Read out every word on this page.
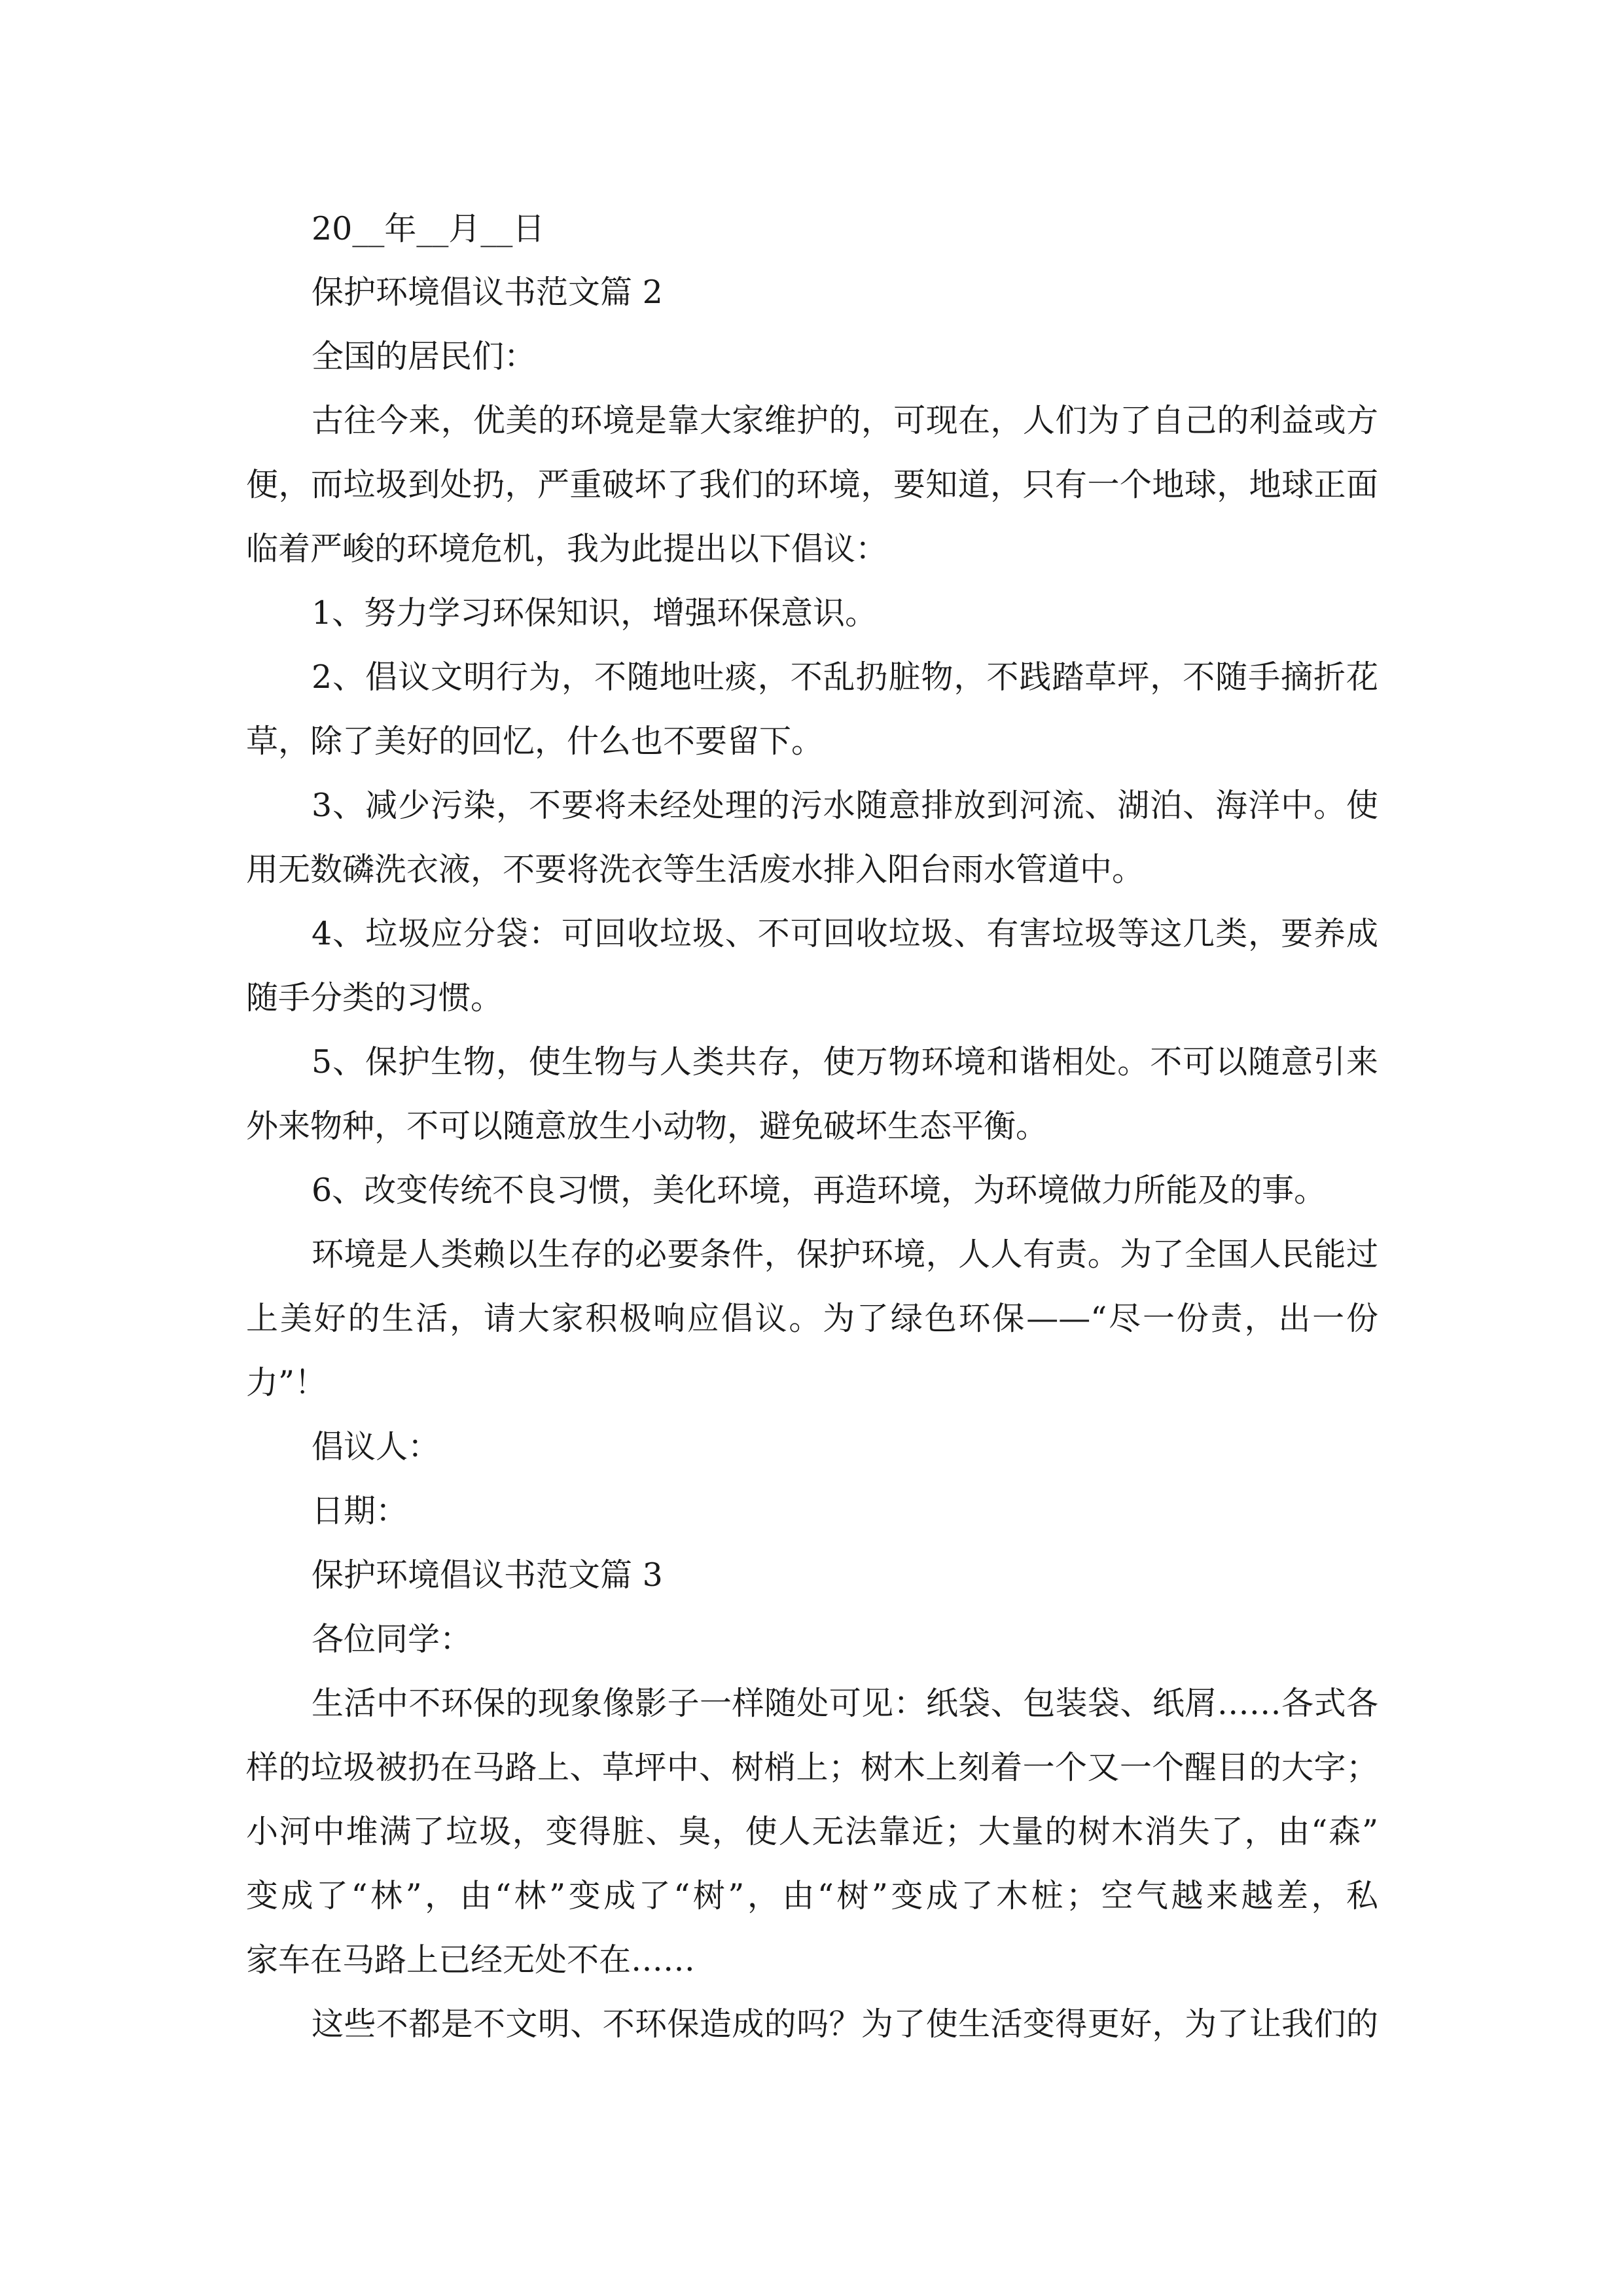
20__年__月__日
保护环境倡议书范文篇 2
全国的居民们：
古往今来，优美的环境是靠大家维护的，可现在，人们为了自己的利益或方
便，而垃圾到处扔，严重破坏了我们的环境，要知道，只有一个地球，地球正面
临着严峻的环境危机，我为此提出以下倡议：
1、努力学习环保知识，增强环保意识。
2、倡议文明行为，不随地吐痰，不乱扔脏物，不践踏草坪，不随手摘折花
草，除了美好的回忆，什么也不要留下。
3、减少污染，不要将未经处理的污水随意排放到河流、湖泊、海洋中。使
用无数磷洗衣液，不要将洗衣等生活废水排入阳台雨水管道中。
4、垃圾应分袋：可回收垃圾、不可回收垃圾、有害垃圾等这几类，要养成
随手分类的习惯。
5、保护生物，使生物与人类共存，使万物环境和谐相处。不可以随意引来
外来物种，不可以随意放生小动物，避免破坏生态平衡。
6、改变传统不良习惯，美化环境，再造环境，为环境做力所能及的事。
环境是人类赖以生存的必要条件，保护环境，人人有责。为了全国人民能过
上美好的生活，请大家积极响应倡议。为了绿色环保——“尽一份责，出一份
力”！
倡议人：
日期：
保护环境倡议书范文篇 3
各位同学：
生活中不环保的现象像影子一样随处可见：纸袋、包装袋、纸屑……各式各
样的垃圾被扔在马路上、草坪中、树梢上；树木上刻着一个又一个醒目的大字；
小河中堆满了垃圾，变得脏、臭，使人无法靠近；大量的树木消失了，由“森”
变成了“林”，由“林”变成了“树”，由“树”变成了木桩；空气越来越差，私
家车在马路上已经无处不在……
这些不都是不文明、不环保造成的吗？为了使生活变得更好，为了让我们的
